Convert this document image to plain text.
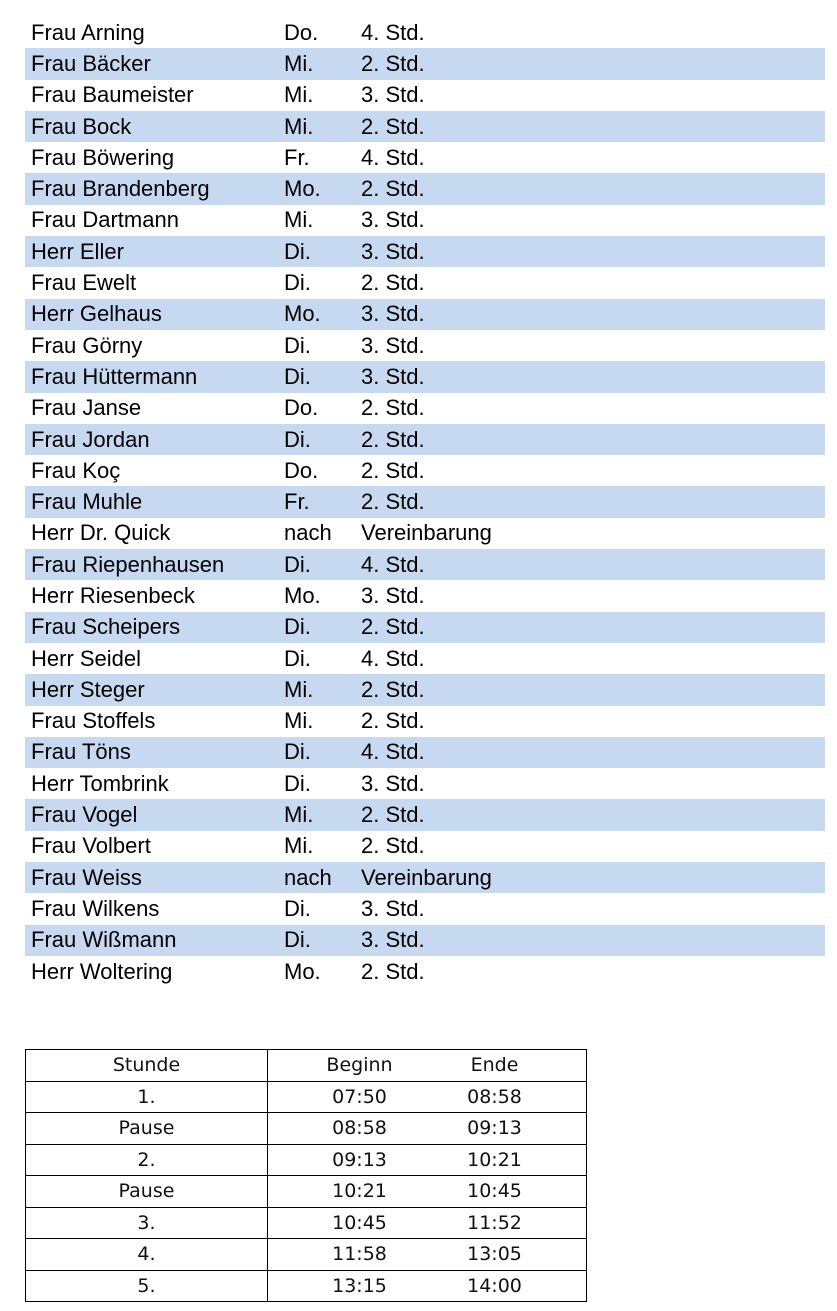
Frau Arning	Do.	4. Std.
Frau Bäcker	Mi.	2. Std.
Frau Baumeister	Mi.	3. Std.
Frau Bock	Mi.	2. Std.
Frau Böwering	Fr.	4. Std.
Frau Brandenberg	Mo.	2. Std.
Frau Dartmann	Mi.	3. Std.
Herr Eller	Di.	3. Std.
Frau Ewelt	Di.	2. Std.
Herr Gelhaus	Mo.	3. Std.
Frau Görny	Di.	3. Std.
Frau Hüttermann	Di.	3. Std.
Frau Janse	Do.	2. Std.
Frau Jordan	Di.	2. Std.
Frau Koç	Do.	2. Std.
Frau Muhle	Fr.	2. Std.
Herr Dr. Quick	nach	Vereinbarung
Frau Riepenhausen	Di.	4. Std.
Herr Riesenbeck	Mo.	3. Std.
Frau Scheipers	Di.	2. Std.
Herr Seidel	Di.	4. Std.
Herr Steger	Mi.	2. Std.
Frau Stoffels	Mi.	2. Std.
Frau Töns	Di.	4. Std.
Herr Tombrink	Di.	3. Std.
Frau Vogel	Mi.	2. Std.
Frau Volbert	Mi.	2. Std.
Frau Weiss	nach	Vereinbarung
Frau Wilkens	Di.	3. Std.
Frau Wißmann	Di.	3. Std.
Herr Woltering	Mo.	2. Std.
Stunde	Beginn	Ende
1.	07:50	08:58
Pause	08:58	09:13
2.	09:13	10:21
Pause	10:21	10:45
3.	10:45	11:52
4.	11:58	13:05
5.	13:15	14:00
